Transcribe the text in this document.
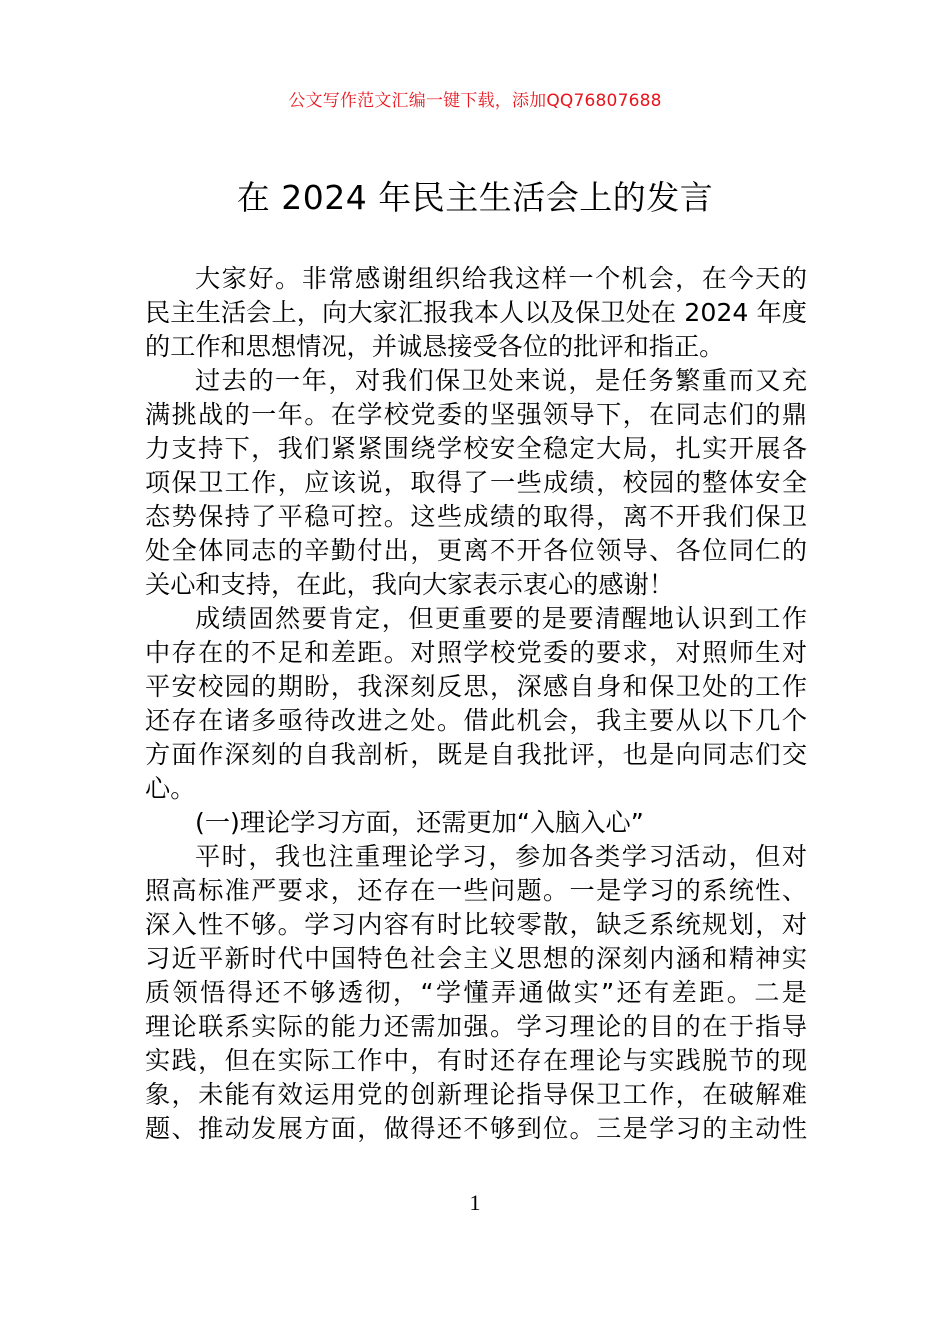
公文写作范文汇编一键下载，添加QQ76807688
在 2024 年民主生活会上的发言
大家好。非常感谢组织给我这样一个机会，在今天的
民主生活会上，向大家汇报我本人以及保卫处在 2024 年度
的工作和思想情况，并诚恳接受各位的批评和指正。
过去的一年，对我们保卫处来说，是任务繁重而又充
满挑战的一年。在学校党委的坚强领导下，在同志们的鼎
力支持下，我们紧紧围绕学校安全稳定大局，扎实开展各
项保卫工作，应该说，取得了一些成绩，校园的整体安全
态势保持了平稳可控。这些成绩的取得，离不开我们保卫
处全体同志的辛勤付出，更离不开各位领导、各位同仁的
关心和支持，在此，我向大家表示衷心的感谢！
成绩固然要肯定，但更重要的是要清醒地认识到工作
中存在的不足和差距。对照学校党委的要求，对照师生对
平安校园的期盼，我深刻反思，深感自身和保卫处的工作
还存在诸多亟待改进之处。借此机会，我主要从以下几个
方面作深刻的自我剖析，既是自我批评，也是向同志们交
心。
(一)理论学习方面，还需更加“入脑入心”
平时，我也注重理论学习，参加各类学习活动，但对
照高标准严要求，还存在一些问题。一是学习的系统性、
深入性不够。学习内容有时比较零散，缺乏系统规划，对
习近平新时代中国特色社会主义思想的深刻内涵和精神实
质领悟得还不够透彻，“学懂弄通做实”还有差距。二是
理论联系实际的能力还需加强。学习理论的目的在于指导
实践，但在实际工作中，有时还存在理论与实践脱节的现
象，未能有效运用党的创新理论指导保卫工作，在破解难
题、推动发展方面，做得还不够到位。三是学习的主动性
1
